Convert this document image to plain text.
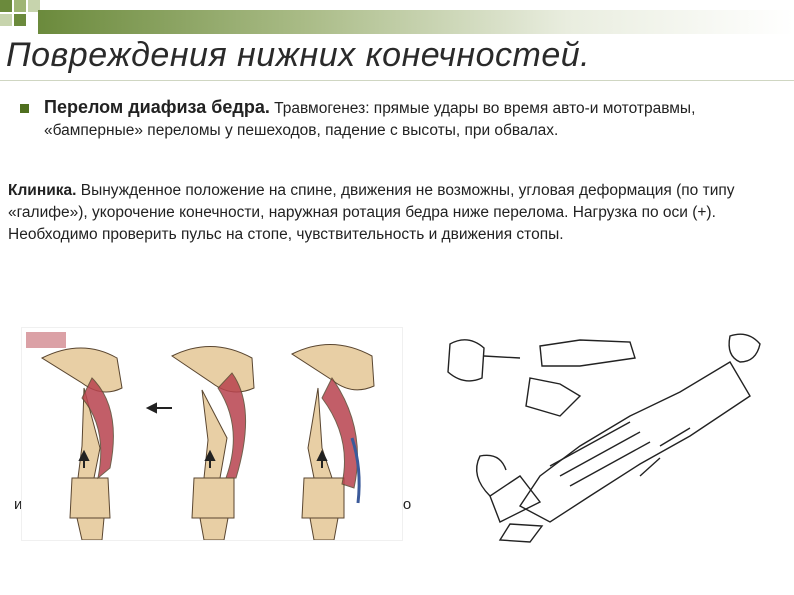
Повреждения нижних конечностей.
Перелом диафиза бедра. Травмогенез: прямые удары во время авто-и мототравмы, «бамперные» переломы у пешеходов, падение с высоты, при обвалах.
Клиника. Вынужденное положение на спине, движения не возможны, угловая деформация (по типу «галифе»), укорочение конечности, наружная ротация бедра ниже перелома. Нагрузка по оси (+). Необходимо проверить пульс на стопе, чувствительность и движения стопы.
и	ме о
